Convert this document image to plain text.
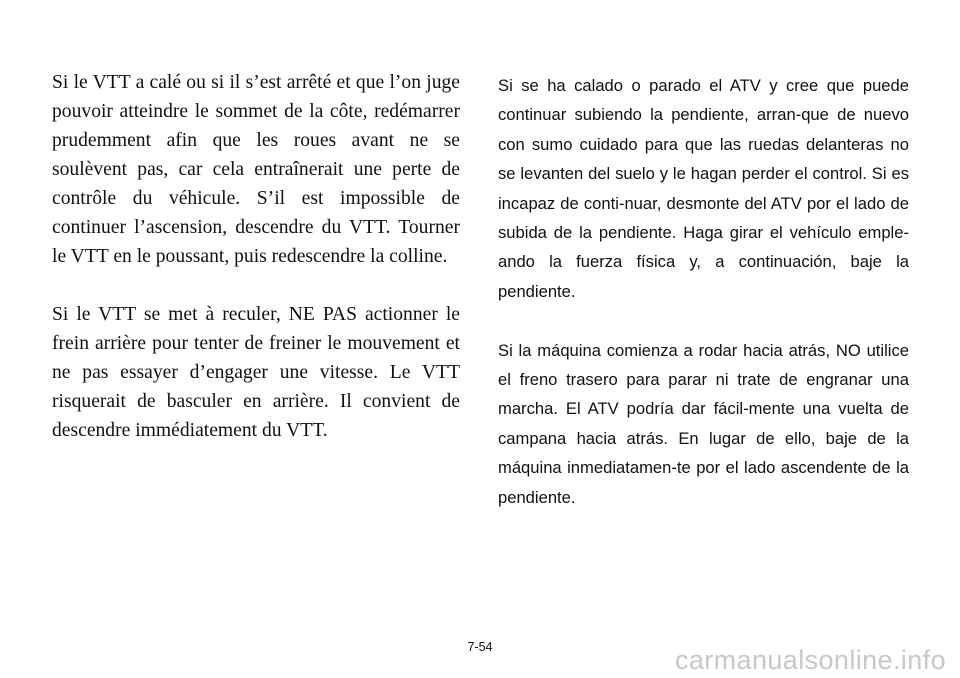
Si le VTT a calé ou si il s’est arrêté et que l’on juge pouvoir atteindre le sommet de la côte, redémarrer prudemment afin que les roues avant ne se soulèvent pas, car cela entraînerait une perte de contrôle du véhicule. S’il est impossible de continuer l’ascension, descendre du VTT. Tourner le VTT en le poussant, puis redescendre la colline.

Si le VTT se met à reculer, NE PAS actionner le frein arrière pour tenter de freiner le mouvement et ne pas essayer d’engager une vitesse. Le VTT risquerait de basculer en arrière. Il convient de descendre immédiatement du VTT.

Si se ha calado o parado el ATV y cree que puede continuar subiendo la pendiente, arran-que de nuevo con sumo cuidado para que las ruedas delanteras no se levanten del suelo y le hagan perder el control. Si es incapaz de conti-nuar, desmonte del ATV por el lado de subida de la pendiente. Haga girar el vehículo emple-ando la fuerza física y, a continuación, baje la pendiente.

Si la máquina comienza a rodar hacia atrás, NO utilice el freno trasero para parar ni trate de engranar una marcha. El ATV podría dar fácil-mente una vuelta de campana hacia atrás. En lugar de ello, baje de la máquina inmediatamen-te por el lado ascendente de la pendiente.

7-54	carmanualsonline.info
